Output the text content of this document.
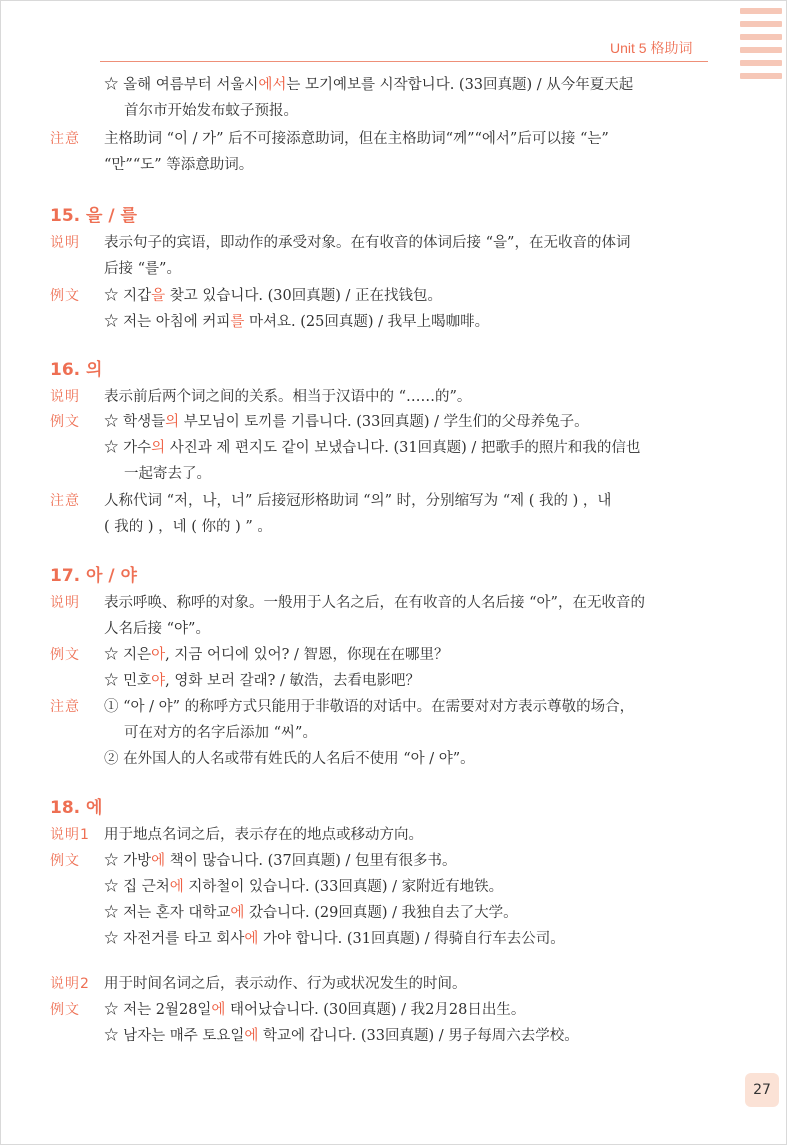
Unit 5 格助词
☆ 올해 여름부터 서울시에서는 모기예보를 시작합니다. (33回真题) / 从今年夏天起
首尔市开始发布蚊子预报。
注意 主格助词 “이 / 가” 后不可接添意助词，但在主格助词“께”“에서”后可以接 “는”
“만”“도” 等添意助词。
15. 을 / 를
说明 表示句子的宾语，即动作的承受对象。在有收音的体词后接 “을”，在无收音的体词
后接 “를”。
例文 ☆ 지갑을 찾고 있습니다. (30回真题) / 正在找钱包。
☆ 저는 아침에 커피를 마셔요. (25回真题) / 我早上喝咖啡。
16. 의
说明 表示前后两个词之间的关系。相当于汉语中的 “……的”。
例文 ☆ 학생들의 부모님이 토끼를 기릅니다. (33回真题) / 学生们的父母养兔子。
☆ 가수의 사진과 제 편지도 같이 보냈습니다. (31回真题) / 把歌手的照片和我的信也
一起寄去了。
注意 人称代词 “저，나，너” 后接冠形格助词 “의” 时，分别缩写为 “제 ( 我的 ) ，내
( 我的 ) ，네 ( 你的 ) ” 。
17. 아 / 야
说明 表示呼唤、称呼的对象。一般用于人名之后，在有收音的人名后接 “아”，在无收音的
人名后接 “야”。
例文 ☆ 지은아, 지금 어디에 있어? / 智恩，你现在在哪里？
☆ 민호야, 영화 보러 갈래? / 敏浩，去看电影吧？
注意 ① “아 / 야” 的称呼方式只能用于非敬语的对话中。在需要对对方表示尊敬的场合，
可在对方的名字后添加 “씨”。
② 在外国人的人名或带有姓氏的人名后不使用 “아 / 야”。
18. 에
说明1 用于地点名词之后，表示存在的地点或移动方向。
例文 ☆ 가방에 책이 많습니다. (37回真题) / 包里有很多书。
☆ 집 근처에 지하철이 있습니다. (33回真题) / 家附近有地铁。
☆ 저는 혼자 대학교에 갔습니다. (29回真题) / 我独自去了大学。
☆ 자전거를 타고 회사에 가야 합니다. (31回真题) / 得骑自行车去公司。
说明2 用于时间名词之后，表示动作、行为或状况发生的时间。
例文 ☆ 저는 2월28일에 태어났습니다. (30回真题) / 我2月28日出生。
☆ 남자는 매주 토요일에 학교에 갑니다. (33回真题) / 男子每周六去学校。
27
